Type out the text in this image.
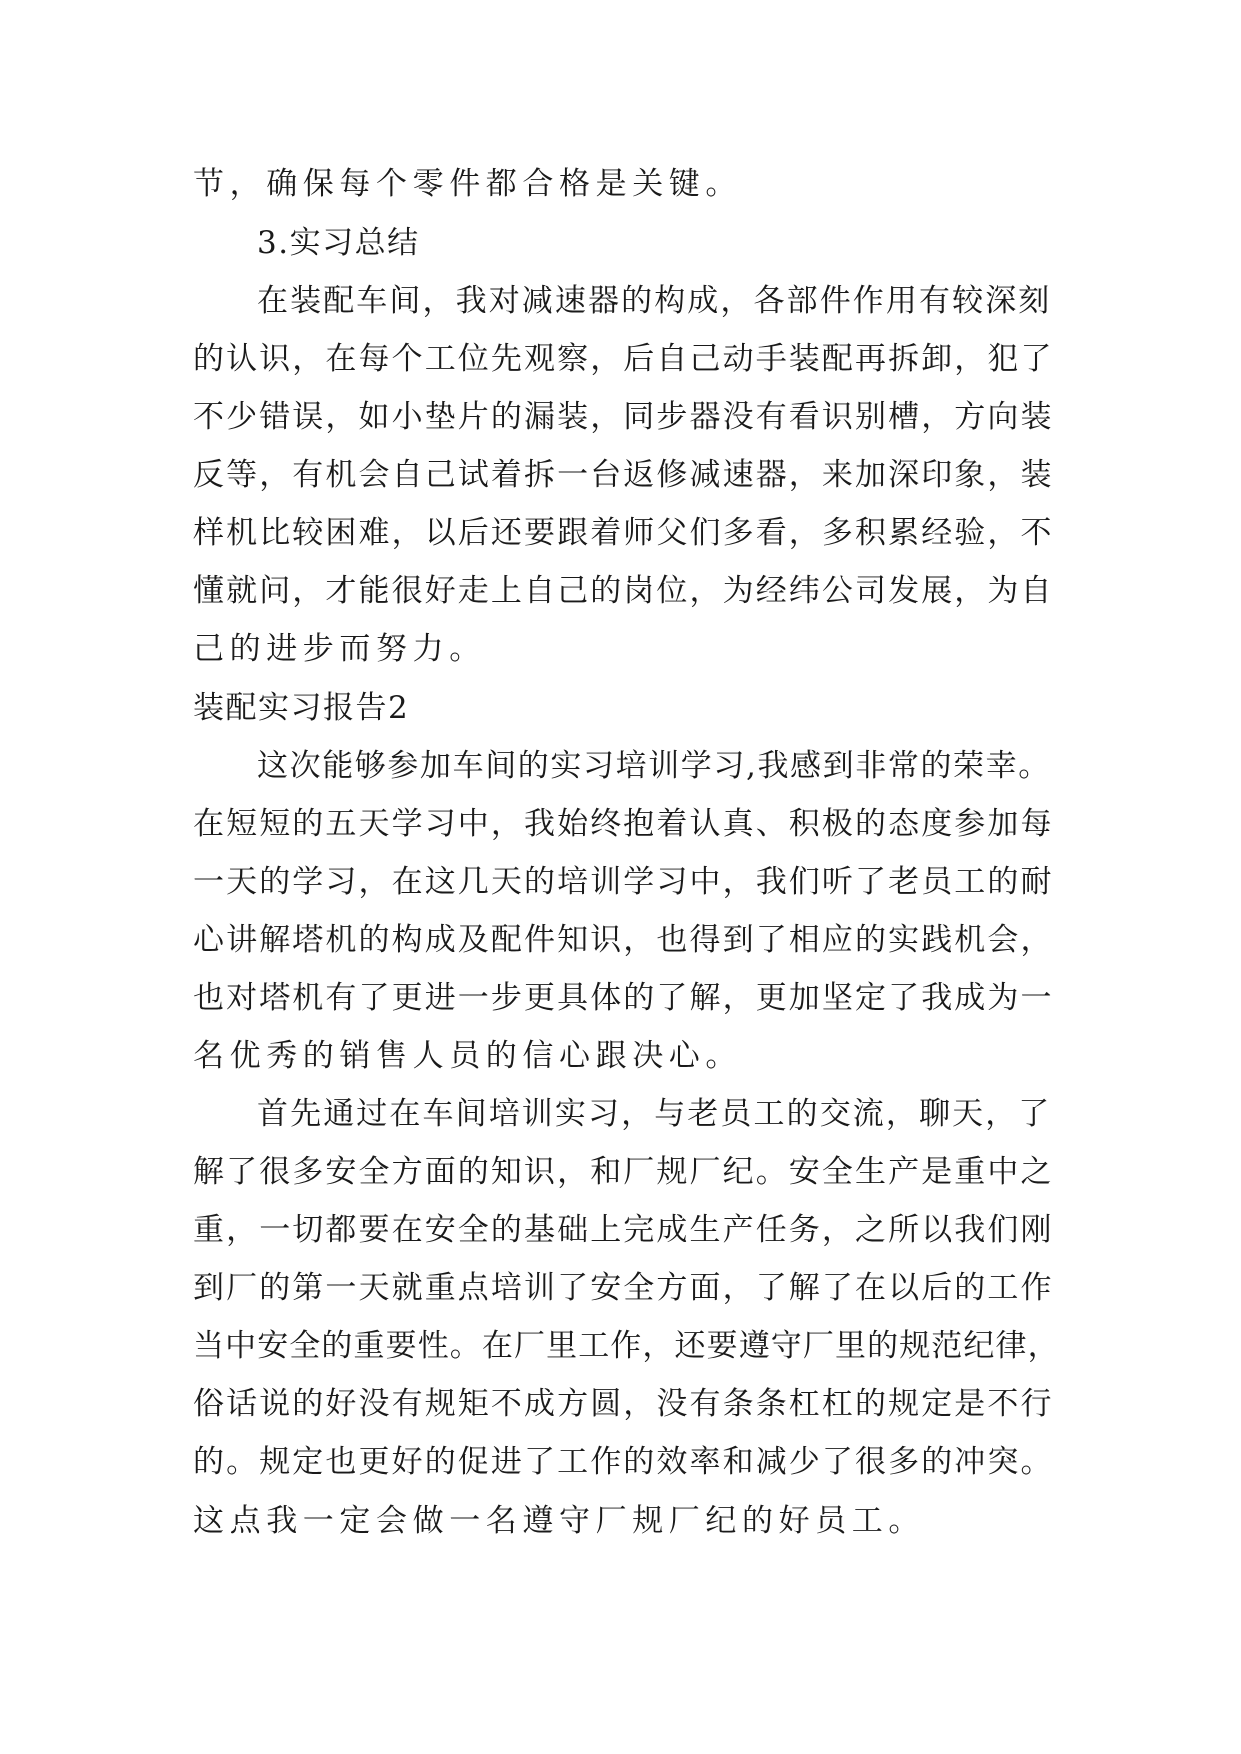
节，确保每个零件都合格是关键。
3.实习总结
在装配车间，我对减速器的构成，各部件作用有较深刻
的认识，在每个工位先观察，后自己动手装配再拆卸，犯了
不少错误，如小垫片的漏装，同步器没有看识别槽，方向装
反等，有机会自己试着拆一台返修减速器，来加深印象，装
样机比较困难，以后还要跟着师父们多看，多积累经验，不
懂就问，才能很好走上自己的岗位，为经纬公司发展，为自
己的进步而努力。
装配实习报告2
这次能够参加车间的实习培训学习,我感到非常的荣幸。
在短短的五天学习中，我始终抱着认真、积极的态度参加每
一天的学习，在这几天的培训学习中，我们听了老员工的耐
心讲解塔机的构成及配件知识，也得到了相应的实践机会，
也对塔机有了更进一步更具体的了解，更加坚定了我成为一
名优秀的销售人员的信心跟决心。
首先通过在车间培训实习，与老员工的交流，聊天，了
解了很多安全方面的知识，和厂规厂纪。安全生产是重中之
重，一切都要在安全的基础上完成生产任务，之所以我们刚
到厂的第一天就重点培训了安全方面，了解了在以后的工作
当中安全的重要性。在厂里工作，还要遵守厂里的规范纪律，
俗话说的好没有规矩不成方圆，没有条条杠杠的规定是不行
的。规定也更好的促进了工作的效率和减少了很多的冲突。
这点我一定会做一名遵守厂规厂纪的好员工。
